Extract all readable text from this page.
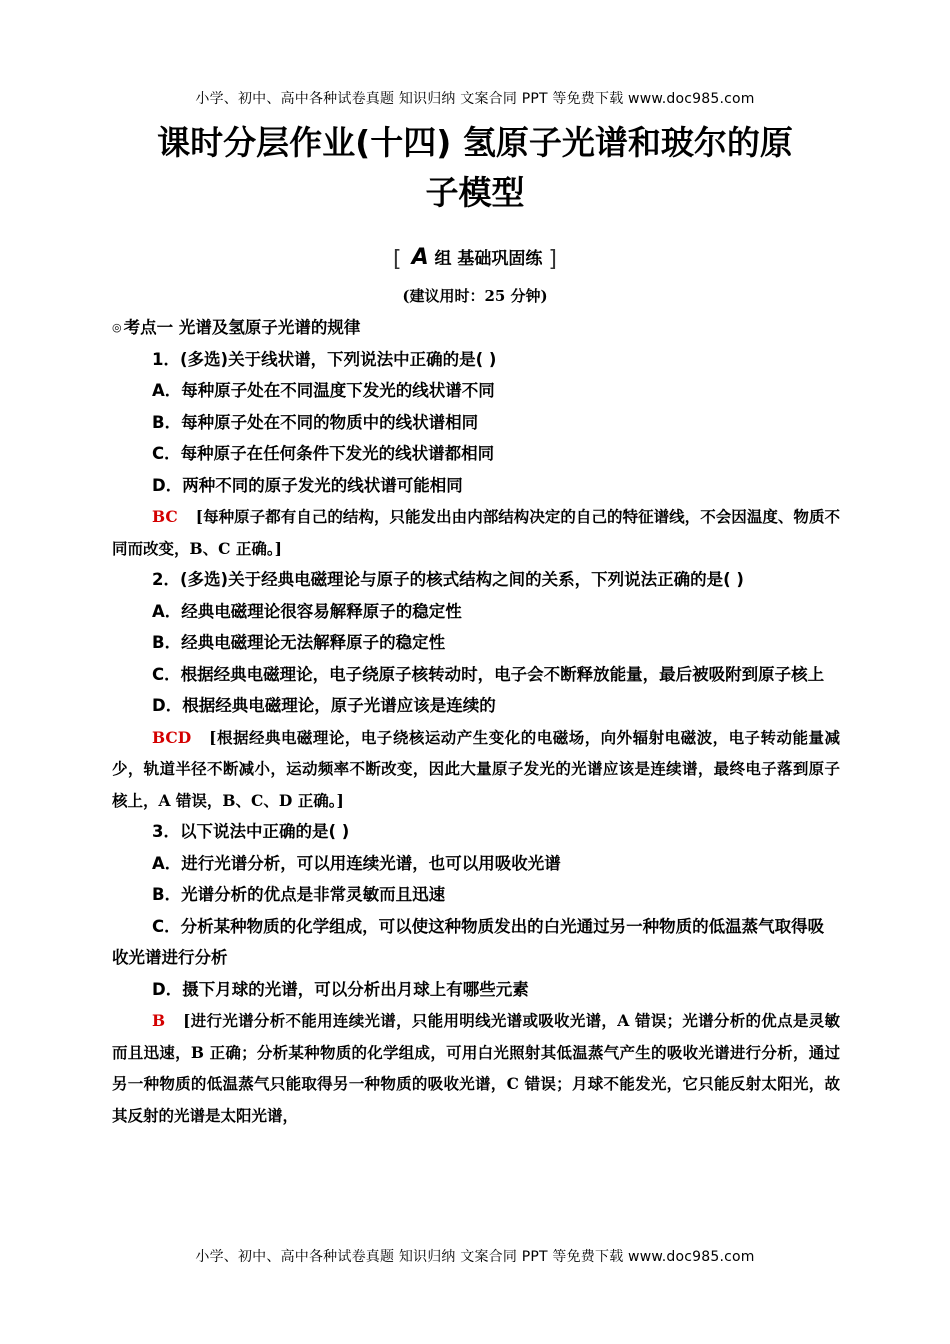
小学、初中、高中各种试卷真题 知识归纳 文案合同 PPT 等免费下载 www.doc985.com
课时分层作业(十四) 氢原子光谱和玻尔的原
子模型
[ A 组 基础巩固练 ]
(建议用时：25 分钟)
◎ 考点一 光谱及氢原子光谱的规律
1．(多选)关于线状谱，下列说法中正确的是( )
A．每种原子处在不同温度下发光的线状谱不同
B．每种原子处在不同的物质中的线状谱相同
C．每种原子在任何条件下发光的线状谱都相同
D．两种不同的原子发光的线状谱可能相同
BC [每种原子都有自己的结构，只能发出由内部结构决定的自己的特征谱线，不会因温度、物质不同而改变，B、C 正确。]
2．(多选)关于经典电磁理论与原子的核式结构之间的关系，下列说法正确的是( )
A．经典电磁理论很容易解释原子的稳定性
B．经典电磁理论无法解释原子的稳定性
C．根据经典电磁理论，电子绕原子核转动时，电子会不断释放能量，最后被吸附到原子核上
D．根据经典电磁理论，原子光谱应该是连续的
BCD [根据经典电磁理论，电子绕核运动产生变化的电磁场，向外辐射电磁波，电子转动能量减少，轨道半径不断减小，运动频率不断改变，因此大量原子发光的光谱应该是连续谱，最终电子落到原子核上，A 错误，B、C、D 正确。]
3．以下说法中正确的是( )
A．进行光谱分析，可以用连续光谱，也可以用吸收光谱
B．光谱分析的优点是非常灵敏而且迅速
C．分析某种物质的化学组成，可以使这种物质发出的白光通过另一种物质的低温蒸气取得吸收光谱进行分析
D．摄下月球的光谱，可以分析出月球上有哪些元素
B [进行光谱分析不能用连续光谱，只能用明线光谱或吸收光谱，A 错误；光谱分析的优点是灵敏而且迅速，B 正确；分析某种物质的化学组成，可用白光照射其低温蒸气产生的吸收光谱进行分析，通过另一种物质的低温蒸气只能取得另一种物质的吸收光谱，C 错误；月球不能发光，它只能反射太阳光，故其反射的光谱是太阳光谱，
小学、初中、高中各种试卷真题 知识归纳 文案合同 PPT 等免费下载 www.doc985.com
